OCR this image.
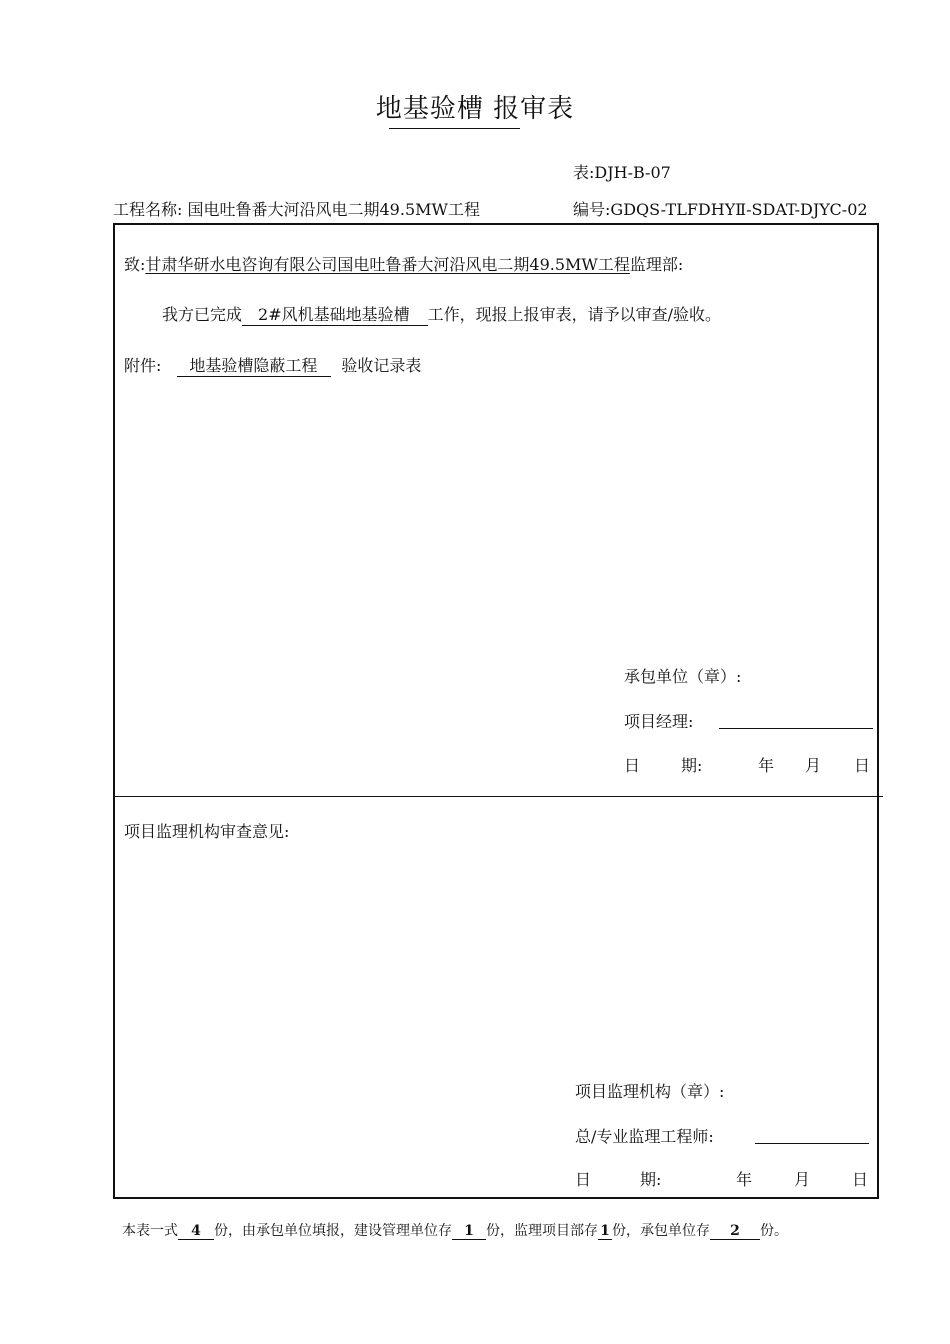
地基验槽 报审表
表:DJH-B-07
工程名称: 国电吐鲁番大河沿风电二期49.5MW工程	编号:GDQS-TLFDHYⅡ-SDAT-DJYC-02
致:甘肃华研水电咨询有限公司国电吐鲁番大河沿风电二期49.5MW工程监理部:
我方已完成 2#风机基础地基验槽 工作，现报上报审表，请予以审查/验收。
附件: 地基验槽隐蔽工程 验收记录表
承包单位（章）:
项目经理:
日	期:	年 月 日
项目监理机构审查意见:
项目监理机构（章）:
总/专业监理工程师:
日	期:	年	月	日
本表一式 4 份，由承包单位填报，建设管理单位存 1 份，监理项目部存 1 份，承包单位存 2 份。
